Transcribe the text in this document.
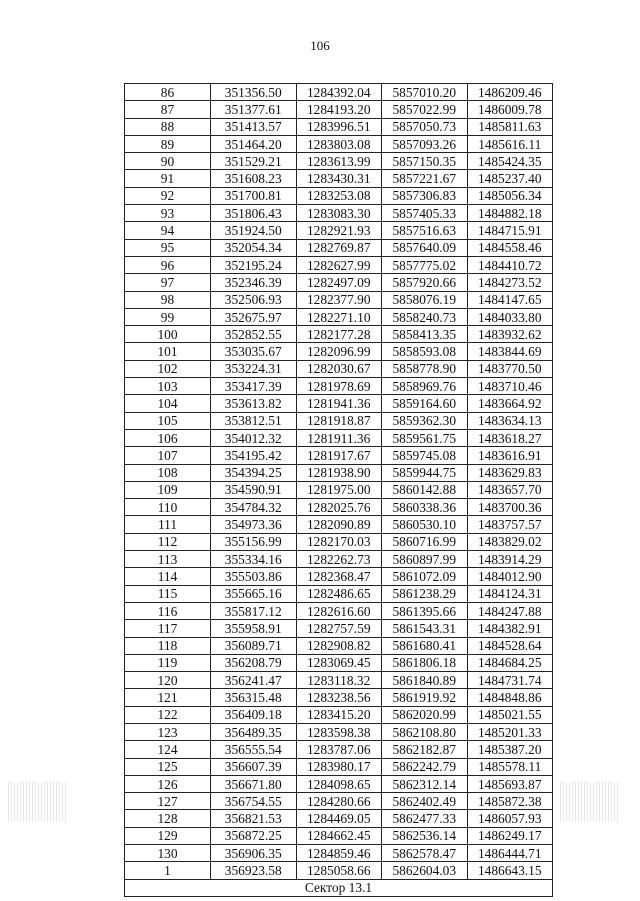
106
86	351356.50	1284392.04	5857010.20	1486209.46
87	351377.61	1284193.20	5857022.99	1486009.78
88	351413.57	1283996.51	5857050.73	1485811.63
89	351464.20	1283803.08	5857093.26	1485616.11
90	351529.21	1283613.99	5857150.35	1485424.35
91	351608.23	1283430.31	5857221.67	1485237.40
92	351700.81	1283253.08	5857306.83	1485056.34
93	351806.43	1283083.30	5857405.33	1484882.18
94	351924.50	1282921.93	5857516.63	1484715.91
95	352054.34	1282769.87	5857640.09	1484558.46
96	352195.24	1282627.99	5857775.02	1484410.72
97	352346.39	1282497.09	5857920.66	1484273.52
98	352506.93	1282377.90	5858076.19	1484147.65
99	352675.97	1282271.10	5858240.73	1484033.80
100	352852.55	1282177.28	5858413.35	1483932.62
101	353035.67	1282096.99	5858593.08	1483844.69
102	353224.31	1282030.67	5858778.90	1483770.50
103	353417.39	1281978.69	5858969.76	1483710.46
104	353613.82	1281941.36	5859164.60	1483664.92
105	353812.51	1281918.87	5859362.30	1483634.13
106	354012.32	1281911.36	5859561.75	1483618.27
107	354195.42	1281917.67	5859745.08	1483616.91
108	354394.25	1281938.90	5859944.75	1483629.83
109	354590.91	1281975.00	5860142.88	1483657.70
110	354784.32	1282025.76	5860338.36	1483700.36
111	354973.36	1282090.89	5860530.10	1483757.57
112	355156.99	1282170.03	5860716.99	1483829.02
113	355334.16	1282262.73	5860897.99	1483914.29
114	355503.86	1282368.47	5861072.09	1484012.90
115	355665.16	1282486.65	5861238.29	1484124.31
116	355817.12	1282616.60	5861395.66	1484247.88
117	355958.91	1282757.59	5861543.31	1484382.91
118	356089.71	1282908.82	5861680.41	1484528.64
119	356208.79	1283069.45	5861806.18	1484684.25
120	356241.47	1283118.32	5861840.89	1484731.74
121	356315.48	1283238.56	5861919.92	1484848.86
122	356409.18	1283415.20	5862020.99	1485021.55
123	356489.35	1283598.38	5862108.80	1485201.33
124	356555.54	1283787.06	5862182.87	1485387.20
125	356607.39	1283980.17	5862242.79	1485578.11
126	356671.80	1284098.65	5862312.14	1485693.87
127	356754.55	1284280.66	5862402.49	1485872.38
128	356821.53	1284469.05	5862477.33	1486057.93
129	356872.25	1284662.45	5862536.14	1486249.17
130	356906.35	1284859.46	5862578.47	1486444.71
1	356923.58	1285058.66	5862604.03	1486643.15
Сектор 13.1				
